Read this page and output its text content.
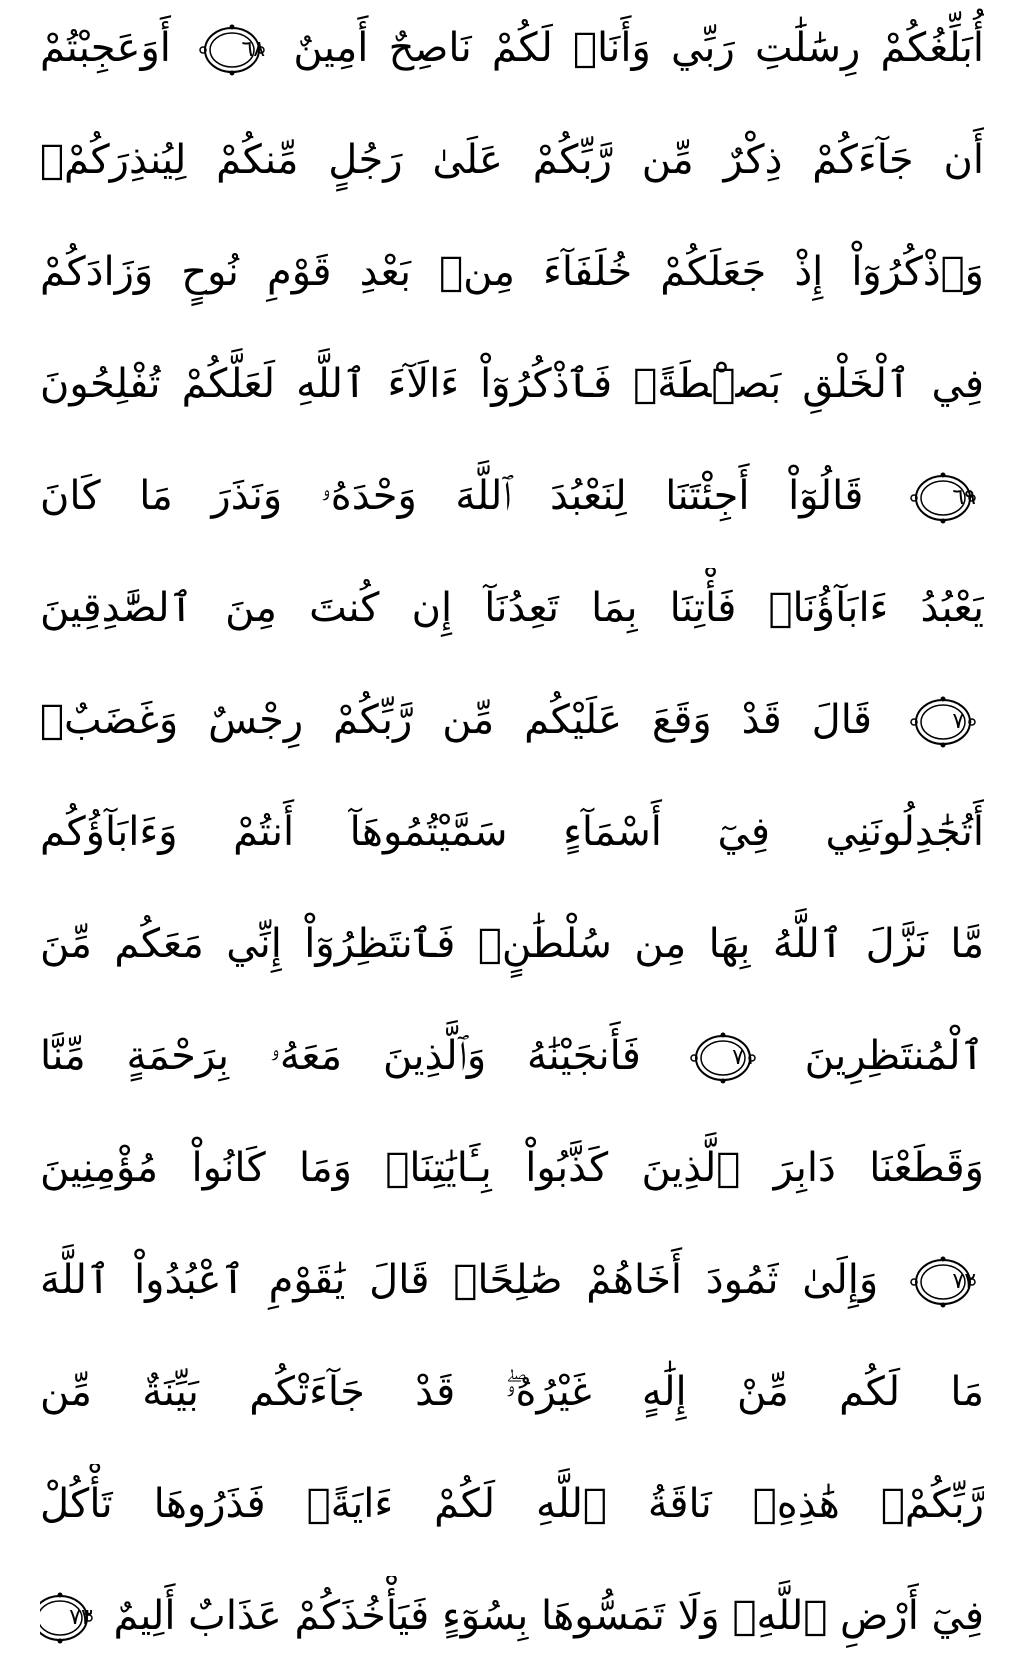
أُبَلِّغُكُمْ رِسَٰلَٰتِ رَبِّي وَأَنَا۠ لَكُمْ نَاصِحٌ أَمِينٌ
٦٨
أَوَعَجِبْتُمْ
أَن جَآءَكُمْ ذِكْرٌ مِّن رَّبِّكُمْ عَلَىٰ رَجُلٍ مِّنكُمْ لِيُنذِرَكُمْۚ
وَٱذْكُرُوٓاْ إِذْ جَعَلَكُمْ خُلَفَآءَ مِنۢ بَعْدِ قَوْمِ نُوحٍ وَزَادَكُمْ
فِي ٱلْخَلْقِ بَصْۜطَةًۖ فَٱذْكُرُوٓاْ ءَالَآءَ ٱللَّهِ لَعَلَّكُمْ تُفْلِحُونَ
٦٩
قَالُوٓاْ أَجِئْتَنَا لِنَعْبُدَ ٱللَّهَ وَحْدَهُۥ وَنَذَرَ مَا كَانَ
يَعْبُدُ ءَابَآؤُنَاۖ فَأْتِنَا بِمَا تَعِدُنَآ إِن كُنتَ مِنَ ٱلصَّٰدِقِينَ
٧٠
قَالَ قَدْ وَقَعَ عَلَيْكُم مِّن رَّبِّكُمْ رِجْسٌ وَغَضَبٌۖ
أَتُجَٰدِلُونَنِي فِيٓ أَسْمَآءٍ سَمَّيْتُمُوهَآ أَنتُمْ وَءَابَآؤُكُم
مَّا نَزَّلَ ٱللَّهُ بِهَا مِن سُلْطَٰنٍۚ فَٱنتَظِرُوٓاْ إِنِّي مَعَكُم مِّنَ
ٱلْمُنتَظِرِينَ
٧١
فَأَنجَيْنَٰهُ وَٱلَّذِينَ مَعَهُۥ بِرَحْمَةٍ مِّنَّا
وَقَطَعْنَا دَابِرَ ٱلَّذِينَ كَذَّبُواْ بِـَٔايَٰتِنَاۖ وَمَا كَانُواْ مُؤْمِنِينَ
٧٢
وَإِلَىٰ ثَمُودَ أَخَاهُمْ صَٰلِحًاۚ قَالَ يَٰقَوْمِ ٱعْبُدُواْ ٱللَّهَ
مَا لَكُم مِّنْ إِلَٰهٍ غَيْرُهُۥۖ قَدْ جَآءَتْكُم بَيِّنَةٌ مِّن
رَّبِّكُمْۖ هَٰذِهِۦ نَاقَةُ ٱللَّهِ لَكُمْ ءَايَةًۖ فَذَرُوهَا تَأْكُلْ
فِيٓ أَرْضِ ٱللَّهِۖ وَلَا تَمَسُّوهَا بِسُوٓءٍ فَيَأْخُذَكُمْ عَذَابٌ أَلِيمٌ
٧٣
